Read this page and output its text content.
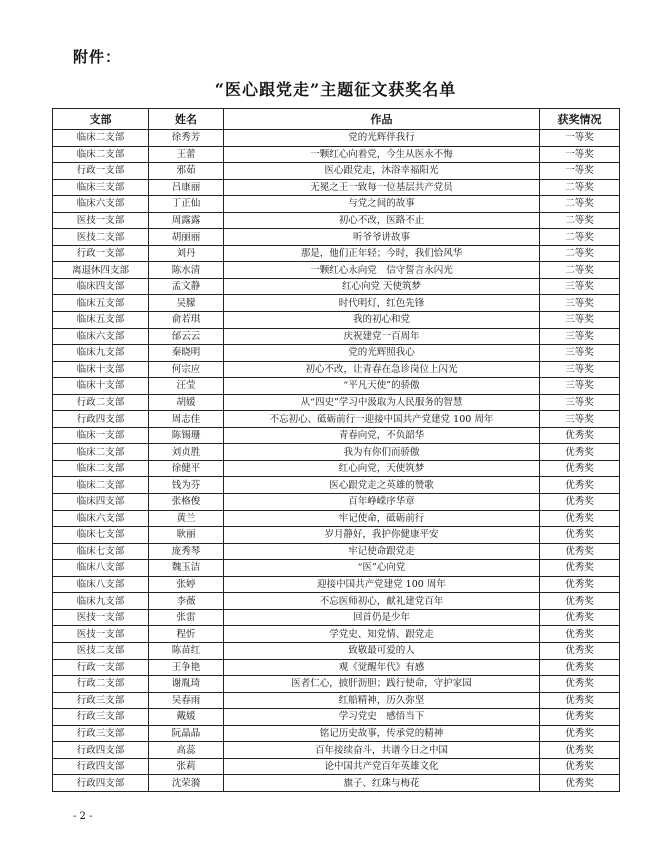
附件：
“医心跟党走”主题征文获奖名单
支部	姓名	作品	获奖情况
临床二支部	徐秀芳	党的光辉伴我行	一等奖
临床二支部	王蕾	一颗红心向着党，今生从医永不悔	一等奖
行政一支部	邪茹	医心跟党走，沐浴幸福阳光	一等奖
临床三支部	吕康丽	无冕之王一致每一位基层共产党员	二等奖
临床六支部	丁正仙	与党之间的故事	二等奖
医技一支部	周露露	初心不改，医路不止	二等奖
医技二支部	胡丽丽	听爷爷讲故事	二等奖
行政一支部	刘丹	那是，他们正年轻；今时，我们恰风华	二等奖
离退休四支部	陈水清	一颗红心永向党　信守誓言永闪光	二等奖
临床四支部	孟文静	红心向党 天使筑梦	三等奖
临床五支部	吴朦	时代明灯，红色先锋	三等奖
临床五支部	俞若琪	我的初心和党	三等奖
临床六支部	邰云云	庆祝建党一百周年	三等奖
临床九支部	秦晓明	党的光辉照我心	三等奖
临床十支部	何宗应	初心不改，让青春在急诊岗位上闪光	三等奖
临床十支部	汪莹	“平凡天使”的骄傲	三等奖
行政二支部	胡媛	从“四史”学习中汲取为人民服务的智慧	三等奖
行政四支部	周志佳	不忘初心、砥砺前行一迎接中国共产党建党 100 周年	三等奖
临床一支部	陈锡珊	青春向党，不负韶华	优秀奖
临床二支部	刘贞胜	我为有你们而骄傲	优秀奖
临床二支部	徐健平	红心向党，天使筑梦	优秀奖
临床二支部	钱为芬	医心跟党走之英雄的赞歌	优秀奖
临床四支部	张格俊	百年峥嵘序华章	优秀奖
临床六支部	黄兰	牢记使命，砥砺前行	优秀奖
临床七支部	耿丽	岁月静好，我护你健康平安	优秀奖
临床七支部	庞秀琴	牢记使命跟党走	优秀奖
临床八支部	魏玉洁	“医”心向党	优秀奖
临床八支部	张婷	迎接中国共产党建党 100 周年	优秀奖
临床九支部	李薇	不忘医师初心，献礼建党百年	优秀奖
医技一支部	张雷	回首仍是少年	优秀奖
医技一支部	程忻	学党史、知党情、跟党走	优秀奖
医技二支部	陈苗红	致敬最可爱的人	优秀奖
行政一支部	王争艳	观《觉醒年代》有感	优秀奖
行政二支部	谢胤琦	医者仁心，披肝沥胆；践行使命，守护家园	优秀奖
行政三支部	吴春雨	红船精神，历久弥坚	优秀奖
行政三支部	戴媛	学习党史　感悟当下	优秀奖
行政三支部	阮晶晶	铭记历史故事，传承党的精神	优秀奖
行政四支部	高蕊	百年接续奋斗，共谱今日之中国	优秀奖
行政四支部	张莉	论中国共产党百年英雄文化	优秀奖
行政四支部	沈荣漪	旗子、红珠与梅花	优秀奖
- 2 -
